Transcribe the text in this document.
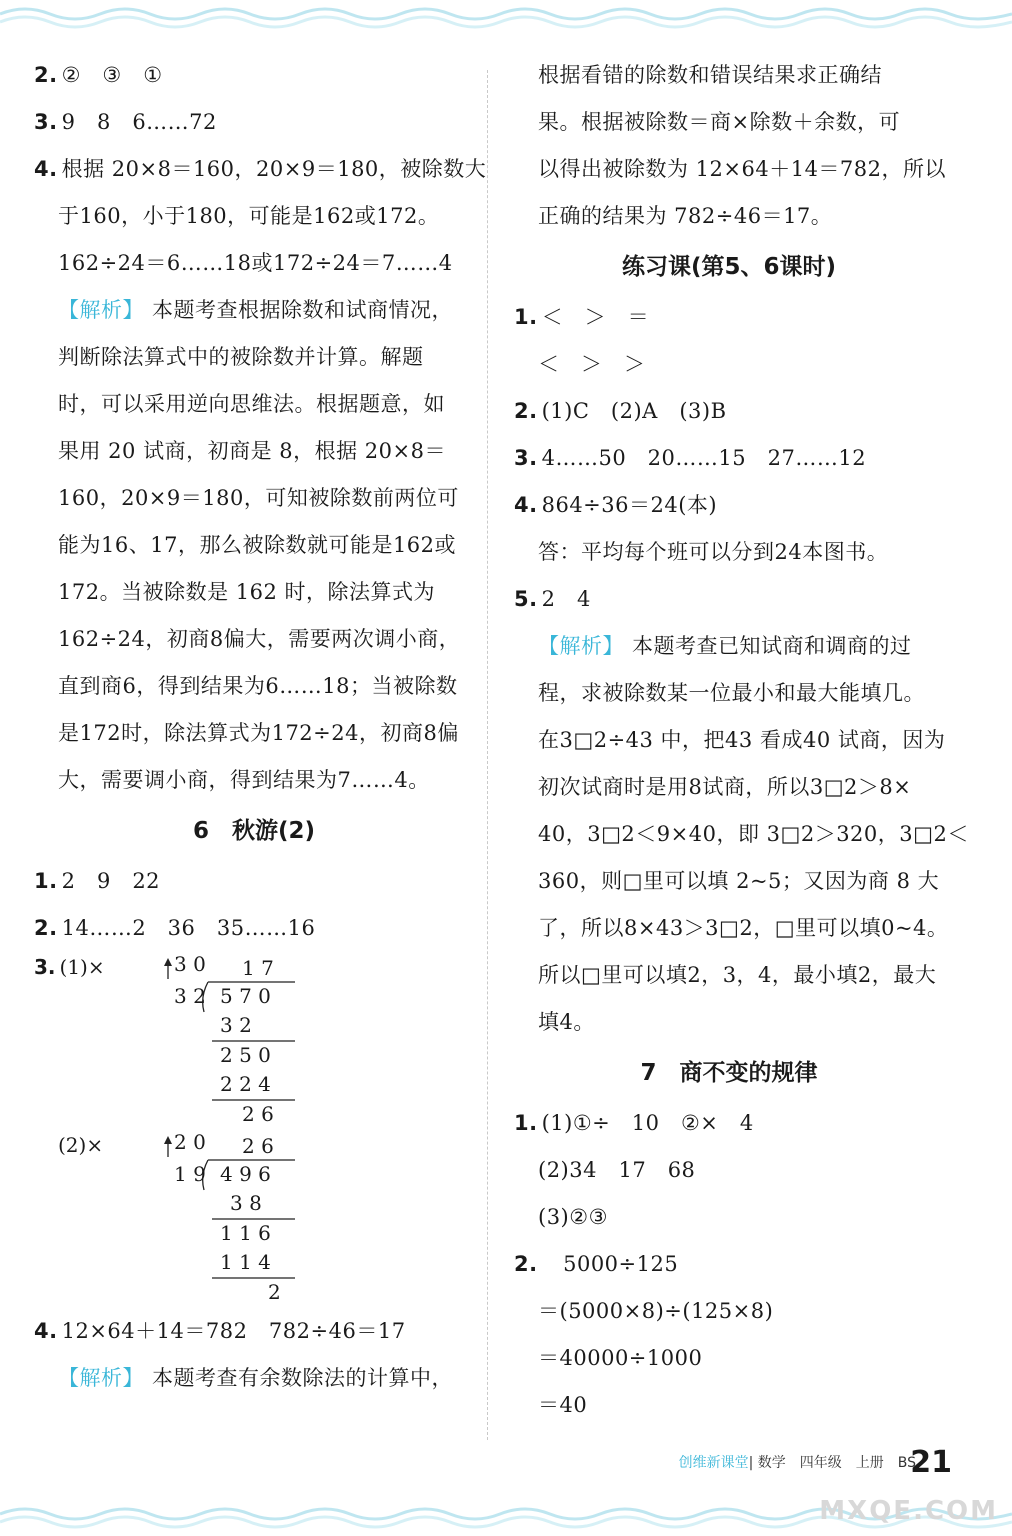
2. ②　③　①
3. 9　8　6……72
4. 根据 20×8＝160，20×9＝180，被除数大
于160，小于180，可能是162或172。
162÷24＝6……18或172÷24＝7……4
【解析】 本题考查根据除数和试商情况，
判断除法算式中的被除数并计算。解题
时，可以采用逆向思维法。根据题意，如
果用 20 试商，初商是 8，根据 20×8＝
160，20×9＝180，可知被除数前两位可
能为16、17，那么被除数就可能是162或
172。当被除数是 162 时，除法算式为
162÷24，初商8偏大，需要两次调小商，
直到商6，得到结果为6……18；当被除数
是172时，除法算式为172÷24，初商8偏
大，需要调小商，得到结果为7……4。
6　秋游(2)
1. 2　9　22
2. 14……2　36　35……16
3. (1)×	3 0 1 7
3 2 5 7 0
3 2
2 5 0
2 2 4
2 6
(2)×	2 0 2 6
1 9 4 9 6
3 8
1 1 6
1 1 4
2
4. 12×64＋14＝782　782÷46＝17
【解析】 本题考查有余数除法的计算中，
根据看错的除数和错误结果求正确结
果。根据被除数＝商×除数＋余数，可
以得出被除数为 12×64＋14＝782，所以
正确的结果为 782÷46＝17。
练习课(第5、6课时)
1. ＜　＞　＝
＜　＞　＞
2. (1)C　(2)A　(3)B
3. 4……50　20……15　27……12
4. 864÷36＝24(本)
答：平均每个班可以分到24本图书。
5. 2　4
【解析】 本题考查已知试商和调商的过
程，求被除数某一位最小和最大能填几。
在3□2÷43 中，把43 看成40 试商，因为
初次试商时是用8试商，所以3□2＞8×
40，3□2＜9×40，即 3□2＞320，3□2＜
360，则□里可以填 2~5；又因为商 8 大
了，所以8×43＞3□2，□里可以填0~4。
所以□里可以填2，3，4，最小填2，最大
填4。
7　商不变的规律
1. (1)①÷　10　②×　4
(2)34　17　68
(3)②③
2.　5000÷125
＝(5000×8)÷(125×8)
＝40000÷1000
＝40
创维新课堂| 数学　四年级　上册　BS
21
MXQE.COM
